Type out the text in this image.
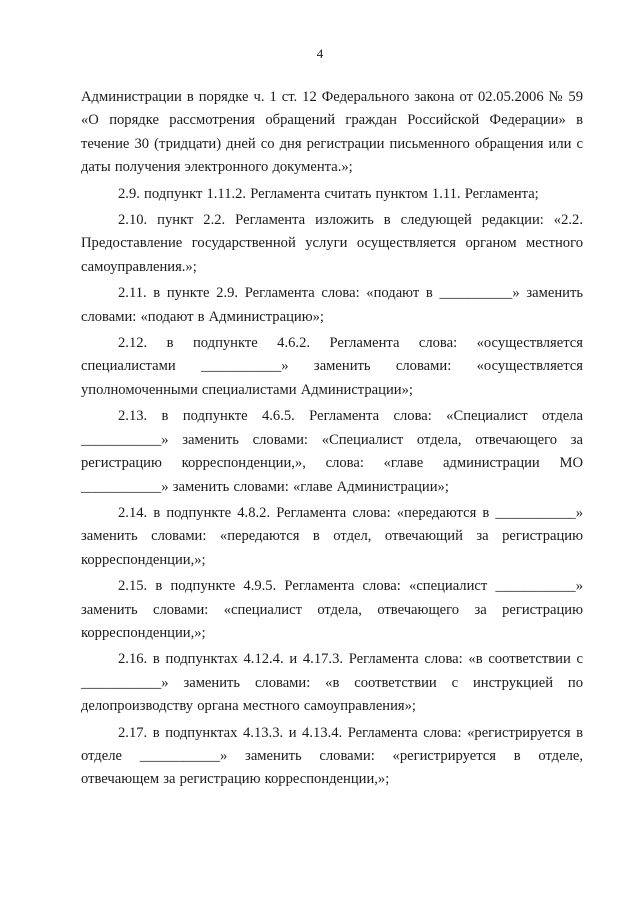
4

Администрации в порядке ч. 1 ст. 12 Федерального закона от 02.05.2006 № 59 «О порядке рассмотрения обращений граждан Российской Федерации» в течение 30 (тридцати) дней со дня регистрации письменного обращения или с даты получения электронного документа.»;

2.9. подпункт 1.11.2. Регламента считать пунктом 1.11. Регламента;

2.10. пункт 2.2. Регламента изложить в следующей редакции: «2.2. Предоставление государственной услуги осуществляется органом местного самоуправления.»;

2.11. в пункте 2.9. Регламента слова: «подают в __________» заменить словами: «подают в Администрацию»;

2.12. в подпункте 4.6.2. Регламента слова: «осуществляется специалистами ___________» заменить словами: «осуществляется уполномоченными специалистами Администрации»;

2.13. в подпункте 4.6.5. Регламента слова: «Специалист отдела ___________» заменить словами: «Специалист отдела, отвечающего за регистрацию корреспонденции,», слова: «главе администрации МО ___________» заменить словами: «главе Администрации»;

2.14. в подпункте 4.8.2. Регламента слова: «передаются в ___________» заменить словами: «передаются в отдел, отвечающий за регистрацию корреспонденции,»;

2.15. в подпункте 4.9.5. Регламента слова: «специалист ___________» заменить словами: «специалист отдела, отвечающего за регистрацию корреспонденции,»;

2.16. в подпунктах 4.12.4. и 4.17.3. Регламента слова: «в соответствии с ___________» заменить словами: «в соответствии с инструкцией по делопроизводству органа местного самоуправления»;

2.17. в подпунктах 4.13.3. и 4.13.4. Регламента слова: «регистрируется в отделе ___________» заменить словами: «регистрируется в отделе, отвечающем за регистрацию корреспонденции,»;
